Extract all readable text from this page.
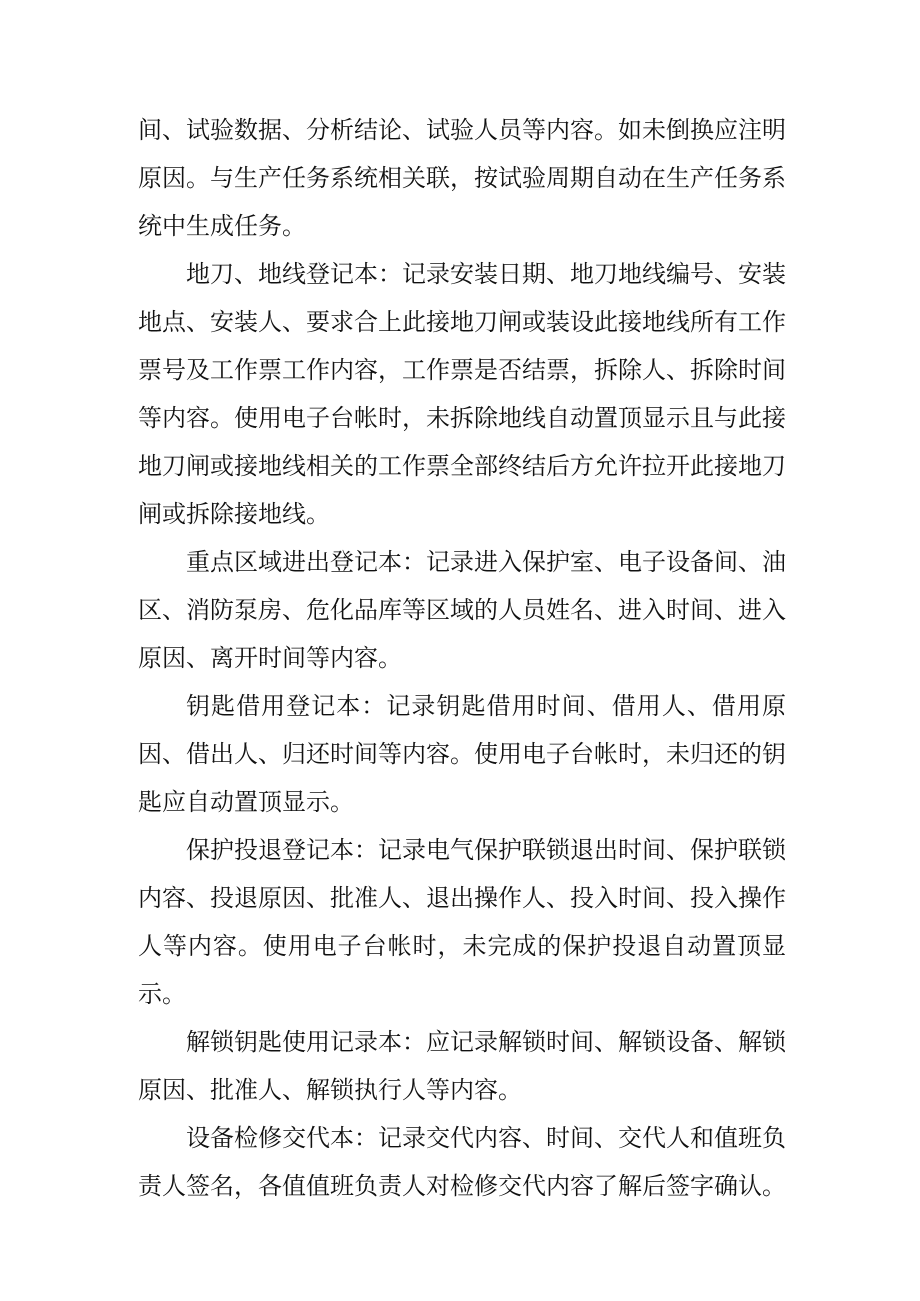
间、试验数据、分析结论、试验人员等内容。如未倒换应注明原因。与生产任务系统相关联，按试验周期自动在生产任务系统中生成任务。

地刀、地线登记本：记录安装日期、地刀地线编号、安装地点、安装人、要求合上此接地刀闸或装设此接地线所有工作票号及工作票工作内容，工作票是否结票，拆除人、拆除时间等内容。使用电子台帐时，未拆除地线自动置顶显示且与此接地刀闸或接地线相关的工作票全部终结后方允许拉开此接地刀闸或拆除接地线。

重点区域进出登记本：记录进入保护室、电子设备间、油区、消防泵房、危化品库等区域的人员姓名、进入时间、进入原因、离开时间等内容。

钥匙借用登记本：记录钥匙借用时间、借用人、借用原因、借出人、归还时间等内容。使用电子台帐时，未归还的钥匙应自动置顶显示。

保护投退登记本：记录电气保护联锁退出时间、保护联锁内容、投退原因、批准人、退出操作人、投入时间、投入操作人等内容。使用电子台帐时，未完成的保护投退自动置顶显示。

解锁钥匙使用记录本：应记录解锁时间、解锁设备、解锁原因、批准人、解锁执行人等内容。

设备检修交代本：记录交代内容、时间、交代人和值班负责人签名，各值值班负责人对检修交代内容了解后签字确认。
